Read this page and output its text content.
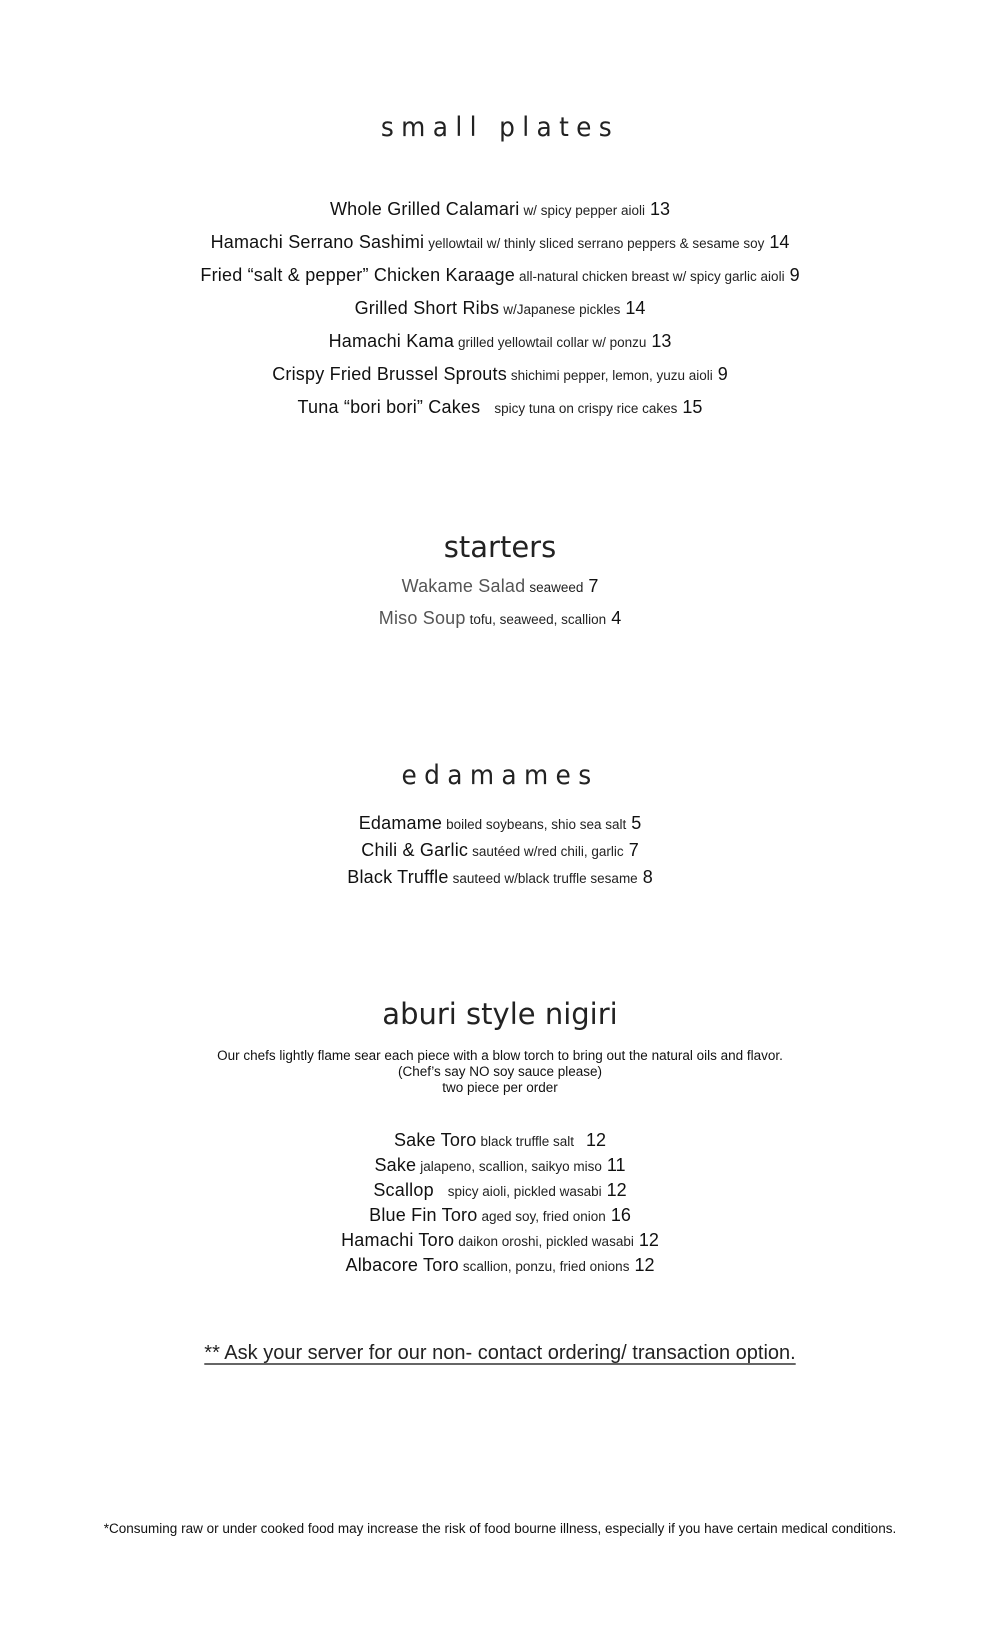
small plates
Whole Grilled Calamari w/ spicy pepper aioli 13
Hamachi Serrano Sashimi yellowtail w/ thinly sliced serrano peppers & sesame soy 14
Fried “salt & pepper” Chicken Karaage all-natural chicken breast w/ spicy garlic aioli 9
Grilled Short Ribs w/Japanese pickles 14
Hamachi Kama grilled yellowtail collar w/ ponzu 13
Crispy Fried Brussel Sprouts shichimi pepper, lemon, yuzu aioli 9
Tuna “bori bori” Cakes spicy tuna on crispy rice cakes 15
starters
Wakame Salad seaweed 7
Miso Soup tofu, seaweed, scallion 4
edamames
Edamame boiled soybeans, shio sea salt 5
Chili & Garlic sautéed w/red chili, garlic 7
Black Truffle sauteed w/black truffle sesame 8
aburi style nigiri
Our chefs lightly flame sear each piece with a blow torch to bring out the natural oils and flavor.
(Chef’s say NO soy sauce please)
two piece per order
Sake Toro black truffle salt 12
Sake jalapeno, scallion, saikyo miso 11
Scallop spicy aioli, pickled wasabi 12
Blue Fin Toro aged soy, fried onion 16
Hamachi Toro daikon oroshi, pickled wasabi 12
Albacore Toro scallion, ponzu, fried onions 12
** Ask your server for our non- contact ordering/ transaction option.
*Consuming raw or under cooked food may increase the risk of food bourne illness, especially if you have certain medical conditions.
